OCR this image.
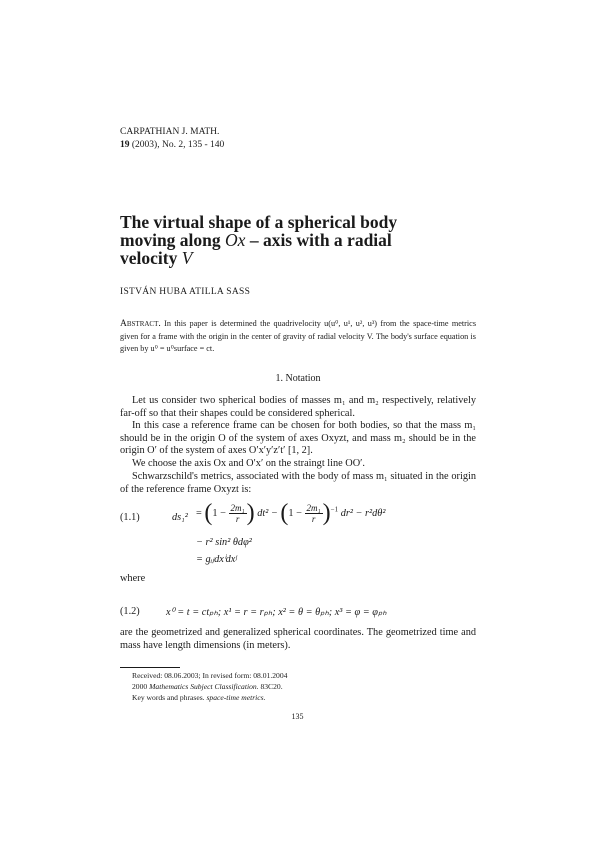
CARPATHIAN J. MATH.
19 (2003), No. 2, 135 - 140
The virtual shape of a spherical body
moving along Ox – axis with a radial
velocity V
ISTVÁN HUBA ATILLA SASS
Abstract. In this paper is determined the quadrivelocity u(u⁰, u¹, u², u³) from the space-time metrics given for a frame with the origin in the center of gravity of radial velocity V. The body's surface equation is given by u⁰ = u⁰surface = ct.
1. Notation
Let us consider two spherical bodies of masses m₁ and m₂ respectively, relatively far-off so that their shapes could be considered spherical.
In this case a reference frame can be chosen for both bodies, so that the mass m₁ should be in the origin O of the system of axes Oxyzt, and mass m₂ should be in the origin O′ of the system of axes O′x′y′z′t′ [1, 2].
We choose the axis Ox and O′x′ on the straingt line OO′.
Schwarzschild's metrics, associated with the body of mass m₁ situated in the origin of the reference frame Oxyzt is:
(1.1)	$ds_1^2 = (1 - \frac{\text{2m₁}}{r}$ ) $dt^2 - (1 - \frac{\text{2m₁}}{r} )^{-1}$ dr² − r²dθ²
− r² sin² θdφ²
= gᵢⱼdxⁱdxʲ
where
(1.2)	x⁰ = t = ctₚₕ; x¹ = r = rₚₕ; x² = θ = θₚₕ; x³ = φ = φₚₕ
are the geometrized and generalized spherical coordinates. The geometrized time and mass have length dimensions (in meters).
Received: 08.06.2003; In revised form: 08.01.2004
2000 Mathematics Subject Classification. 83C20.
Key words and phrases. space-time metrics.
135
